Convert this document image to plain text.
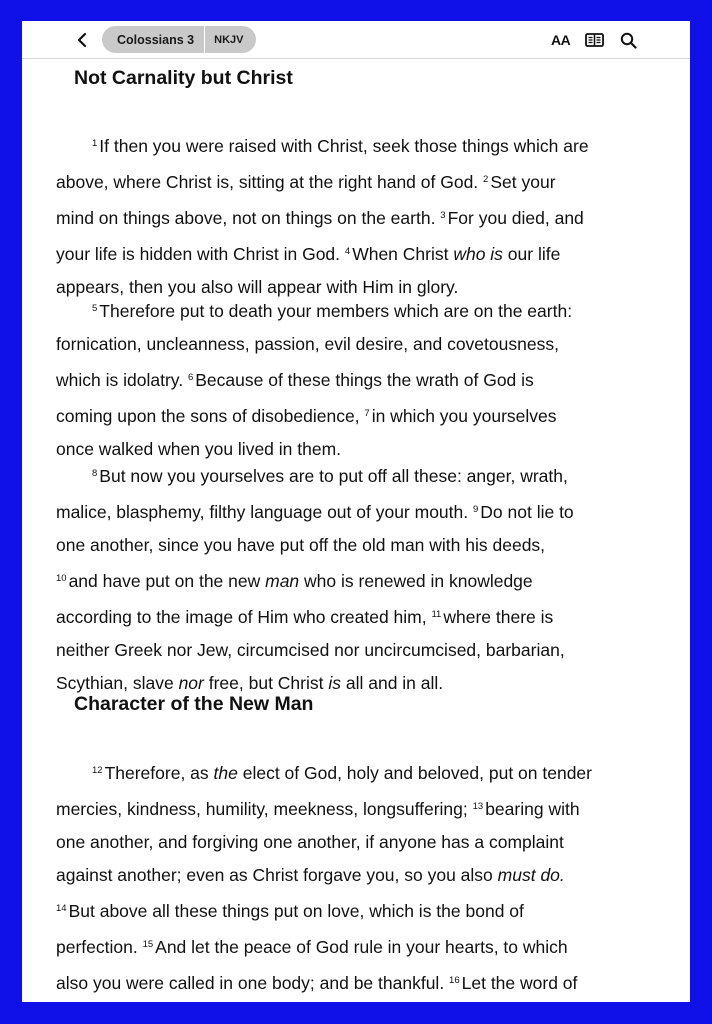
Colossians 3	NKJV	AA
Not Carnality but Christ

$^1$ If then you were raised with Christ, seek those things which are
above, where Christ is, sitting at the right hand of God. $^2$ Set your
mind on things above, not on things on the earth. $^3$ For you died, and
your life is hidden with Christ in God. $^4$ When Christ who is our life
appears, then you also will appear with Him in glory.

$^5$ Therefore put to death your members which are on the earth:
fornication, uncleanness, passion, evil desire, and covetousness,
which is idolatry. $^6$ Because of these things the wrath of God is
coming upon the sons of disobedience, $^7$ in which you yourselves
once walked when you lived in them.

$^8$ But now you yourselves are to put off all these: anger, wrath,
malice, blasphemy, filthy language out of your mouth. $^9$ Do not lie to
one another, since you have put off the old man with his deeds,
$^{10}$ and have put on the new man who is renewed in knowledge
according to the image of Him who created him, $^{11}$ where there is
neither Greek nor Jew, circumcised nor uncircumcised, barbarian,
Scythian, slave nor free, but Christ is all and in all.

Character of the New Man

$^{12}$ Therefore, as the elect of God, holy and beloved, put on tender
mercies, kindness, humility, meekness, longsuffering; $^{13}$ bearing with
one another, and forgiving one another, if anyone has a complaint
against another; even as Christ forgave you, so you also must do.
$^{14}$ But above all these things put on love, which is the bond of
perfection. $^{15}$ And let the peace of God rule in your hearts, to which
also you were called in one body; and be thankful. $^{16}$ Let the word of
